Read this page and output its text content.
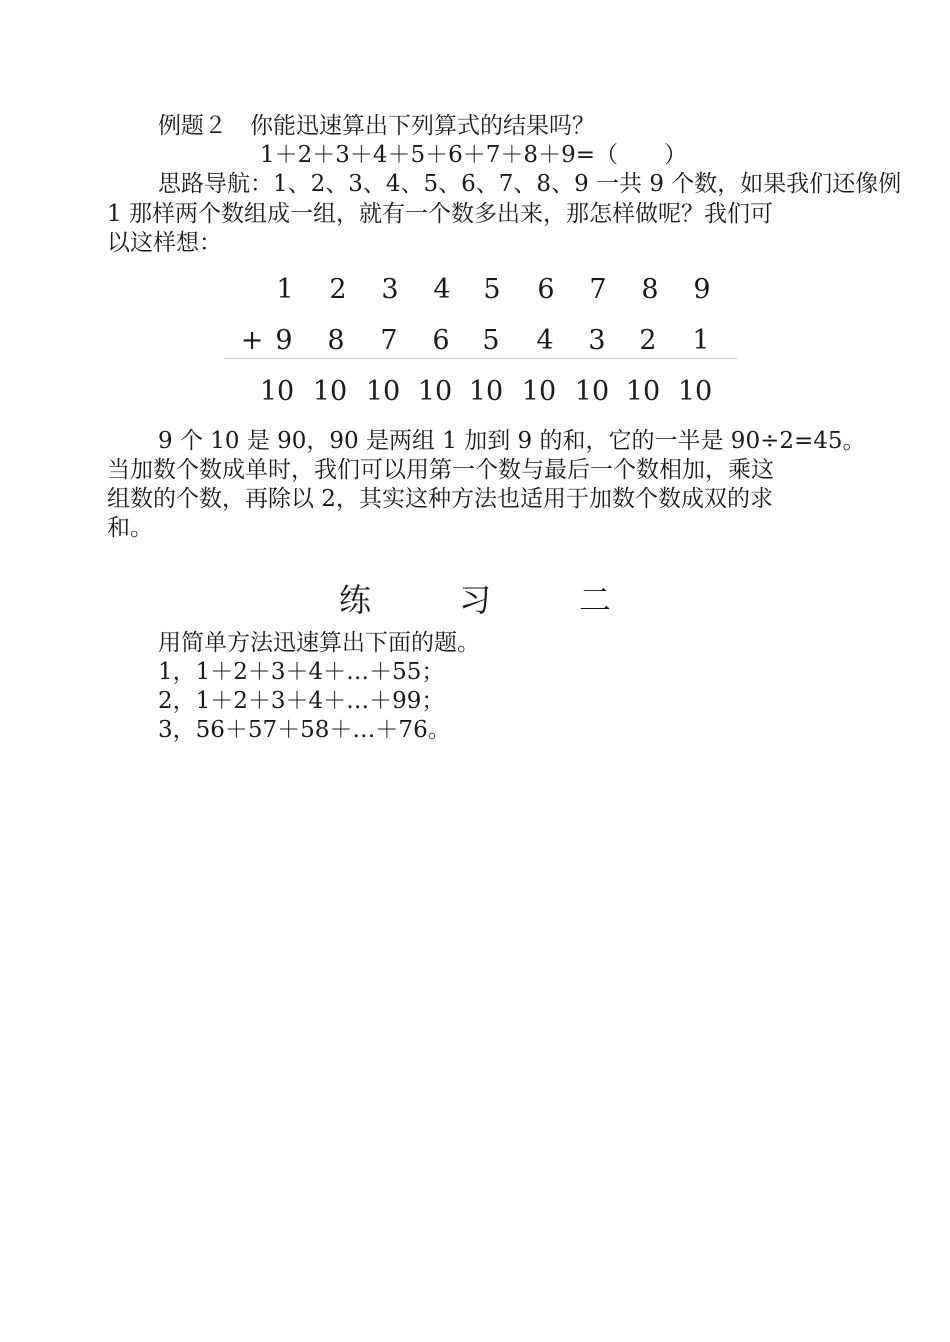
例题２　你能迅速算出下列算式的结果吗？
1＋2＋3＋4＋5＋6＋7＋8＋9=（　　）
思路导航：1、2、3、4、5、6、7、8、9 一共 9 个数，如果我们还像例
1 那样两个数组成一组，就有一个数多出来，那怎样做呢？我们可
以这样想：
1 2 3 4 5 6 7 8 9
+ 9 8 7 6 5 4 3 2 1
10 10 10 10 10 10 10 10 10
9 个 10 是 90，90 是两组 1 加到 9 的和，它的一半是 90÷2=45。
当加数个数成单时，我们可以用第一个数与最后一个数相加，乘这
组数的个数，再除以 2，其实这种方法也适用于加数个数成双的求
和。
练　习　二
用简单方法迅速算出下面的题。
1，1＋2＋3＋4＋…＋55；
2，1＋2＋3＋4＋…＋99；
3，56＋57＋58＋…＋76。
